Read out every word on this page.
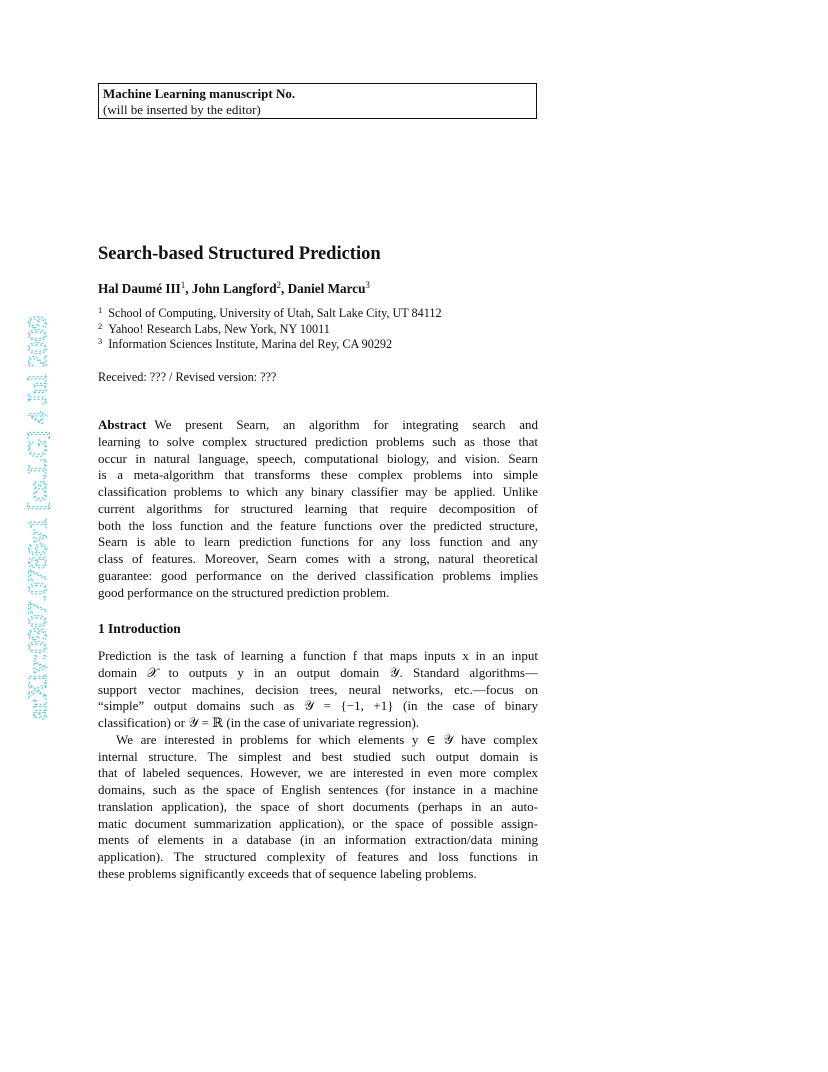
arXiv:0907.0786v1 [cs.LG] 4 Jul 2009
Machine Learning manuscript No.
(will be inserted by the editor)
Search-based Structured Prediction
Hal Daumé III$^1$, John Langford$^2$, Daniel Marcu$^3$
$^1$ School of Computing, University of Utah, Salt Lake City, UT 84112
$^2$ Yahoo! Research Labs, New York, NY 10011
$^3$ Information Sciences Institute, Marina del Rey, CA 90292
Received: ??? / Revised version: ???
Abstract We present Searn, an algorithm for integrating search and
learning to solve complex structured prediction problems such as those that
occur in natural language, speech, computational biology, and vision. Searn
is a meta-algorithm that transforms these complex problems into simple
classification problems to which any binary classifier may be applied. Unlike
current algorithms for structured learning that require decomposition of
both the loss function and the feature functions over the predicted structure,
Searn is able to learn prediction functions for any loss function and any
class of features. Moreover, Searn comes with a strong, natural theoretical
guarantee: good performance on the derived classification problems implies
good performance on the structured prediction problem.
1 Introduction
Prediction is the task of learning a function f that maps inputs x in an input
domain 𝒳 to outputs y in an output domain 𝒴. Standard algorithms—
support vector machines, decision trees, neural networks, etc.—focus on
“simple” output domains such as 𝒴 = {−1, +1} (in the case of binary
classification) or 𝒴 = ℝ (in the case of univariate regression).
We are interested in problems for which elements y ∈ 𝒴 have complex
internal structure. The simplest and best studied such output domain is
that of labeled sequences. However, we are interested in even more complex
domains, such as the space of English sentences (for instance in a machine
translation application), the space of short documents (perhaps in an auto-
matic document summarization application), or the space of possible assign-
ments of elements in a database (in an information extraction/data mining
application). The structured complexity of features and loss functions in
these problems significantly exceeds that of sequence labeling problems.
